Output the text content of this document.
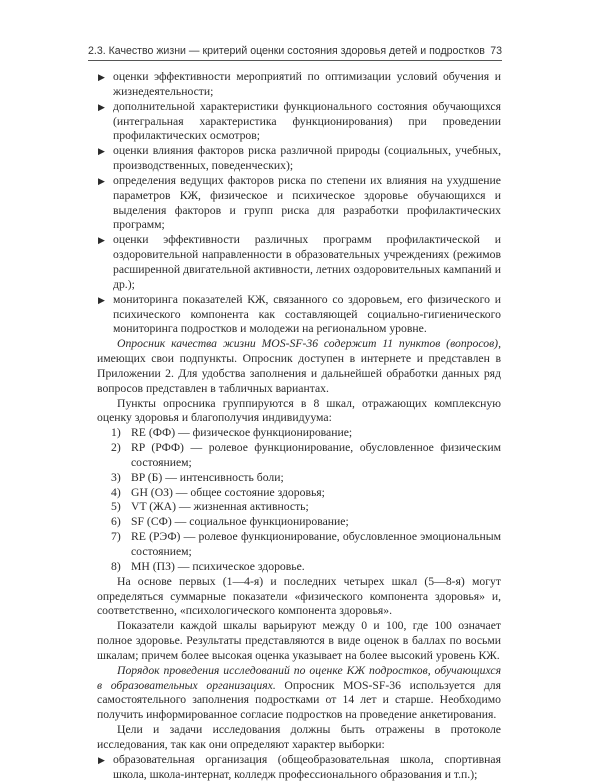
2.3. Качество жизни — критерий оценки состояния здоровья детей и подростков 73
▶ оценки эффективности мероприятий по оптимизации условий обучения и жизнедеятельности;
▶ дополнительной характеристики функционального состояния обучающихся (интегральная характеристика функционирования) при проведении профилактических осмотров;
▶ оценки влияния факторов риска различной природы (социальных, учебных, производственных, поведенческих);
▶ определения ведущих факторов риска по степени их влияния на ухудшение параметров КЖ, физическое и психическое здоровье обучающихся и выделения факторов и групп риска для разработки профилактических программ;
▶ оценки эффективности различных программ профилактической и оздоровительной направленности в образовательных учреждениях (режимов расширенной двигательной активности, летних оздоровительных кампаний и др.);
▶ мониторинга показателей КЖ, связанного со здоровьем, его физического и психического компонента как составляющей социально-гигиенического мониторинга подростков и молодежи на региональном уровне.

Опросник качества жизни MOS-SF-36 содержит 11 пунктов (вопросов), имеющих свои подпункты. Опросник доступен в интернете и представлен в Приложении 2. Для удобства заполнения и дальнейшей обработки данных ряд вопросов представлен в табличных вариантах.

Пункты опросника группируются в 8 шкал, отражающих комплексную оценку здоровья и благополучия индивидуума:

1) RE (ФФ) — физическое функционирование;
2) RP (РФФ) — ролевое функционирование, обусловленное физическим состоянием;
3) BP (Б) — интенсивность боли;
4) GH (ОЗ) — общее состояние здоровья;
5) VT (ЖА) — жизненная активность;
6) SF (СФ) — социальное функционирование;
7) RE (РЭФ) — ролевое функционирование, обусловленное эмоциональным состоянием;
8) MH (ПЗ) — психическое здоровье.

На основе первых (1—4-я) и последних четырех шкал (5—8-я) могут определяться суммарные показатели «физического компонента здоровья» и, соответственно, «психологического компонента здоровья».

Показатели каждой шкалы варьируют между 0 и 100, где 100 означает полное здоровье. Результаты представляются в виде оценок в баллах по восьми шкалам; причем более высокая оценка указывает на более высокий уровень КЖ.

Порядок проведения исследований по оценке КЖ подростков, обучающихся в образовательных организациях. Опросник MOS-SF-36 используется для самостоятельного заполнения подростками от 14 лет и старше. Необходимо получить информированное согласие подростков на проведение анкетирования.

Цели и задачи исследования должны быть отражены в протоколе исследования, так как они определяют характер выборки:

▶ образовательная организация (общеобразовательная школа, спортивная школа, школа-интернат, колледж профессионального образования и т.п.);
